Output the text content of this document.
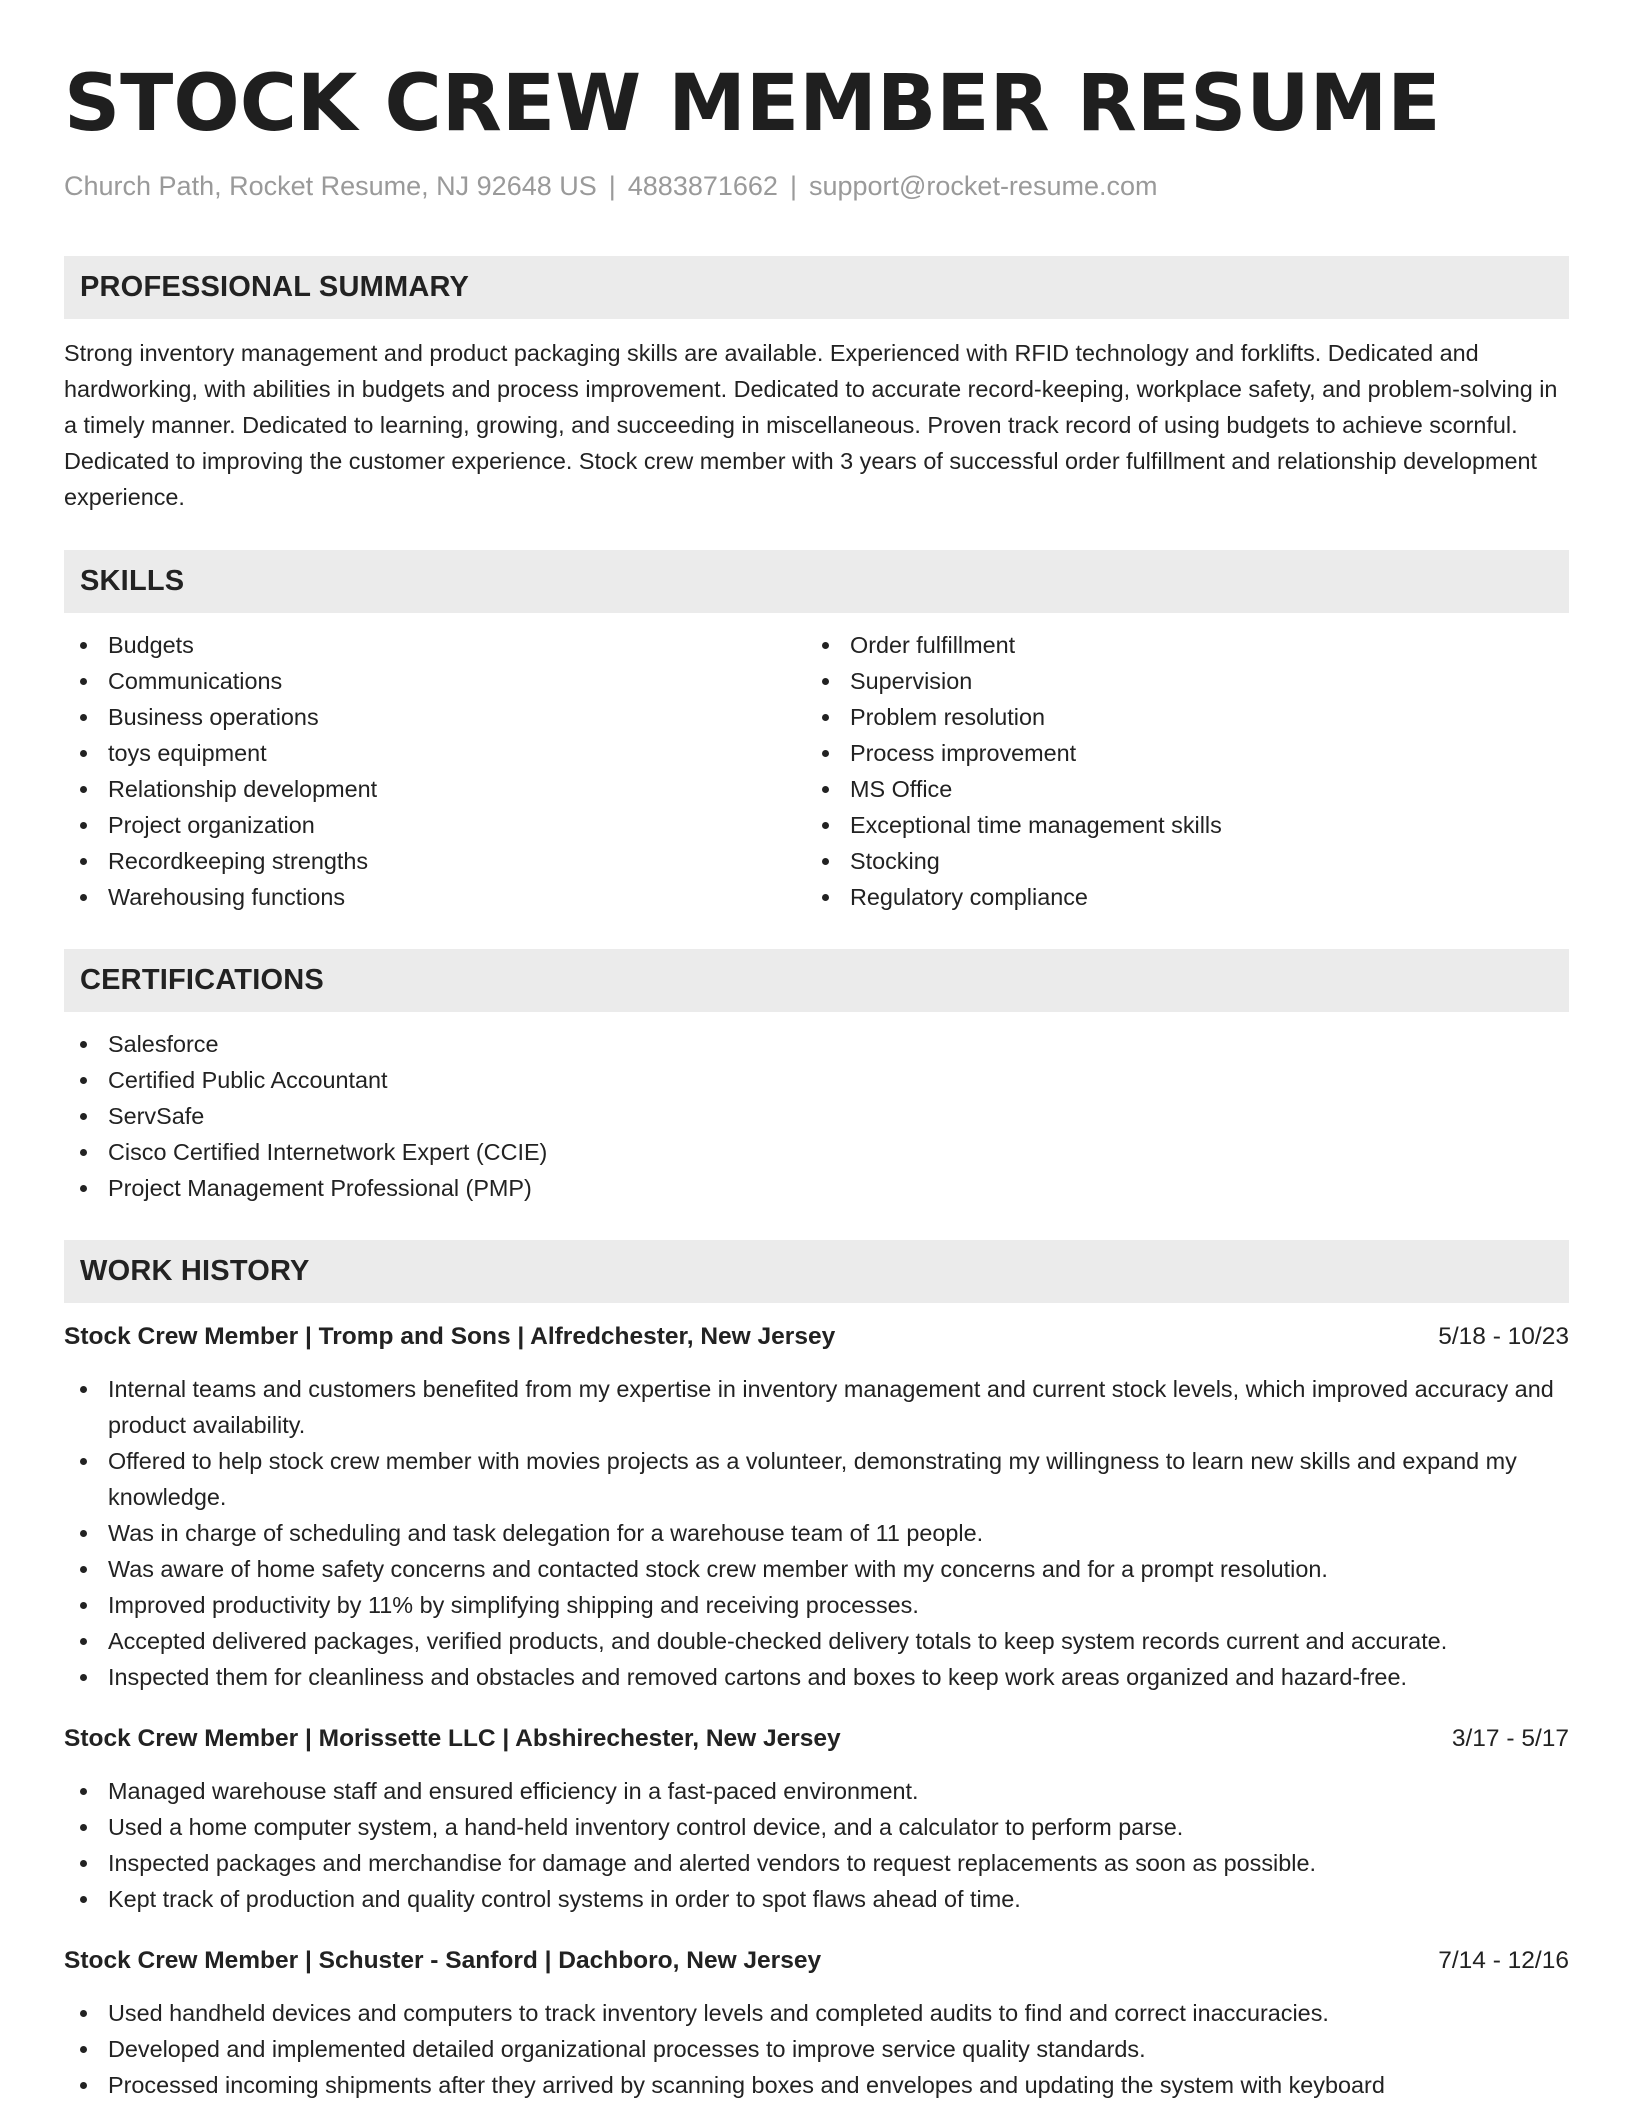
STOCK CREW MEMBER RESUME
Church Path, Rocket Resume, NJ 92648 US | 4883871662 | support@rocket-resume.com
PROFESSIONAL SUMMARY

Strong inventory management and product packaging skills are available. Experienced with RFID technology and forklifts. Dedicated and hardworking, with abilities in budgets and process improvement. Dedicated to accurate record-keeping, workplace safety, and problem-solving in a timely manner. Dedicated to learning, growing, and succeeding in miscellaneous. Proven track record of using budgets to achieve scornful. Dedicated to improving the customer experience. Stock crew member with 3 years of successful order fulfillment and relationship development experience.

SKILLS
Budgets
Communications
Business operations
toys equipment
Relationship development
Project organization
Recordkeeping strengths
Warehousing functions
Order fulfillment
Supervision
Problem resolution
Process improvement
MS Office
Exceptional time management skills
Stocking
Regulatory compliance
CERTIFICATIONS
Salesforce
Certified Public Accountant
ServSafe
Cisco Certified Internetwork Expert (CCIE)
Project Management Professional (PMP)
WORK HISTORY
Stock Crew Member | Tromp and Sons | Alfredchester, New Jersey	5/18 - 10/23
Internal teams and customers benefited from my expertise in inventory management and current stock levels, which improved accuracy and product availability.
Offered to help stock crew member with movies projects as a volunteer, demonstrating my willingness to learn new skills and expand my knowledge.
Was in charge of scheduling and task delegation for a warehouse team of 11 people.
Was aware of home safety concerns and contacted stock crew member with my concerns and for a prompt resolution.
Improved productivity by 11% by simplifying shipping and receiving processes.
Accepted delivered packages, verified products, and double-checked delivery totals to keep system records current and accurate.
Inspected them for cleanliness and obstacles and removed cartons and boxes to keep work areas organized and hazard-free.
Stock Crew Member | Morissette LLC | Abshirechester, New Jersey	3/17 - 5/17
Managed warehouse staff and ensured efficiency in a fast-paced environment.
Used a home computer system, a hand-held inventory control device, and a calculator to perform parse.
Inspected packages and merchandise for damage and alerted vendors to request replacements as soon as possible.
Kept track of production and quality control systems in order to spot flaws ahead of time.
Stock Crew Member | Schuster - Sanford | Dachboro, New Jersey	7/14 - 12/16
Used handheld devices and computers to track inventory levels and completed audits to find and correct inaccuracies.
Developed and implemented detailed organizational processes to improve service quality standards.
Processed incoming shipments after they arrived by scanning boxes and envelopes and updating the system with keyboard
